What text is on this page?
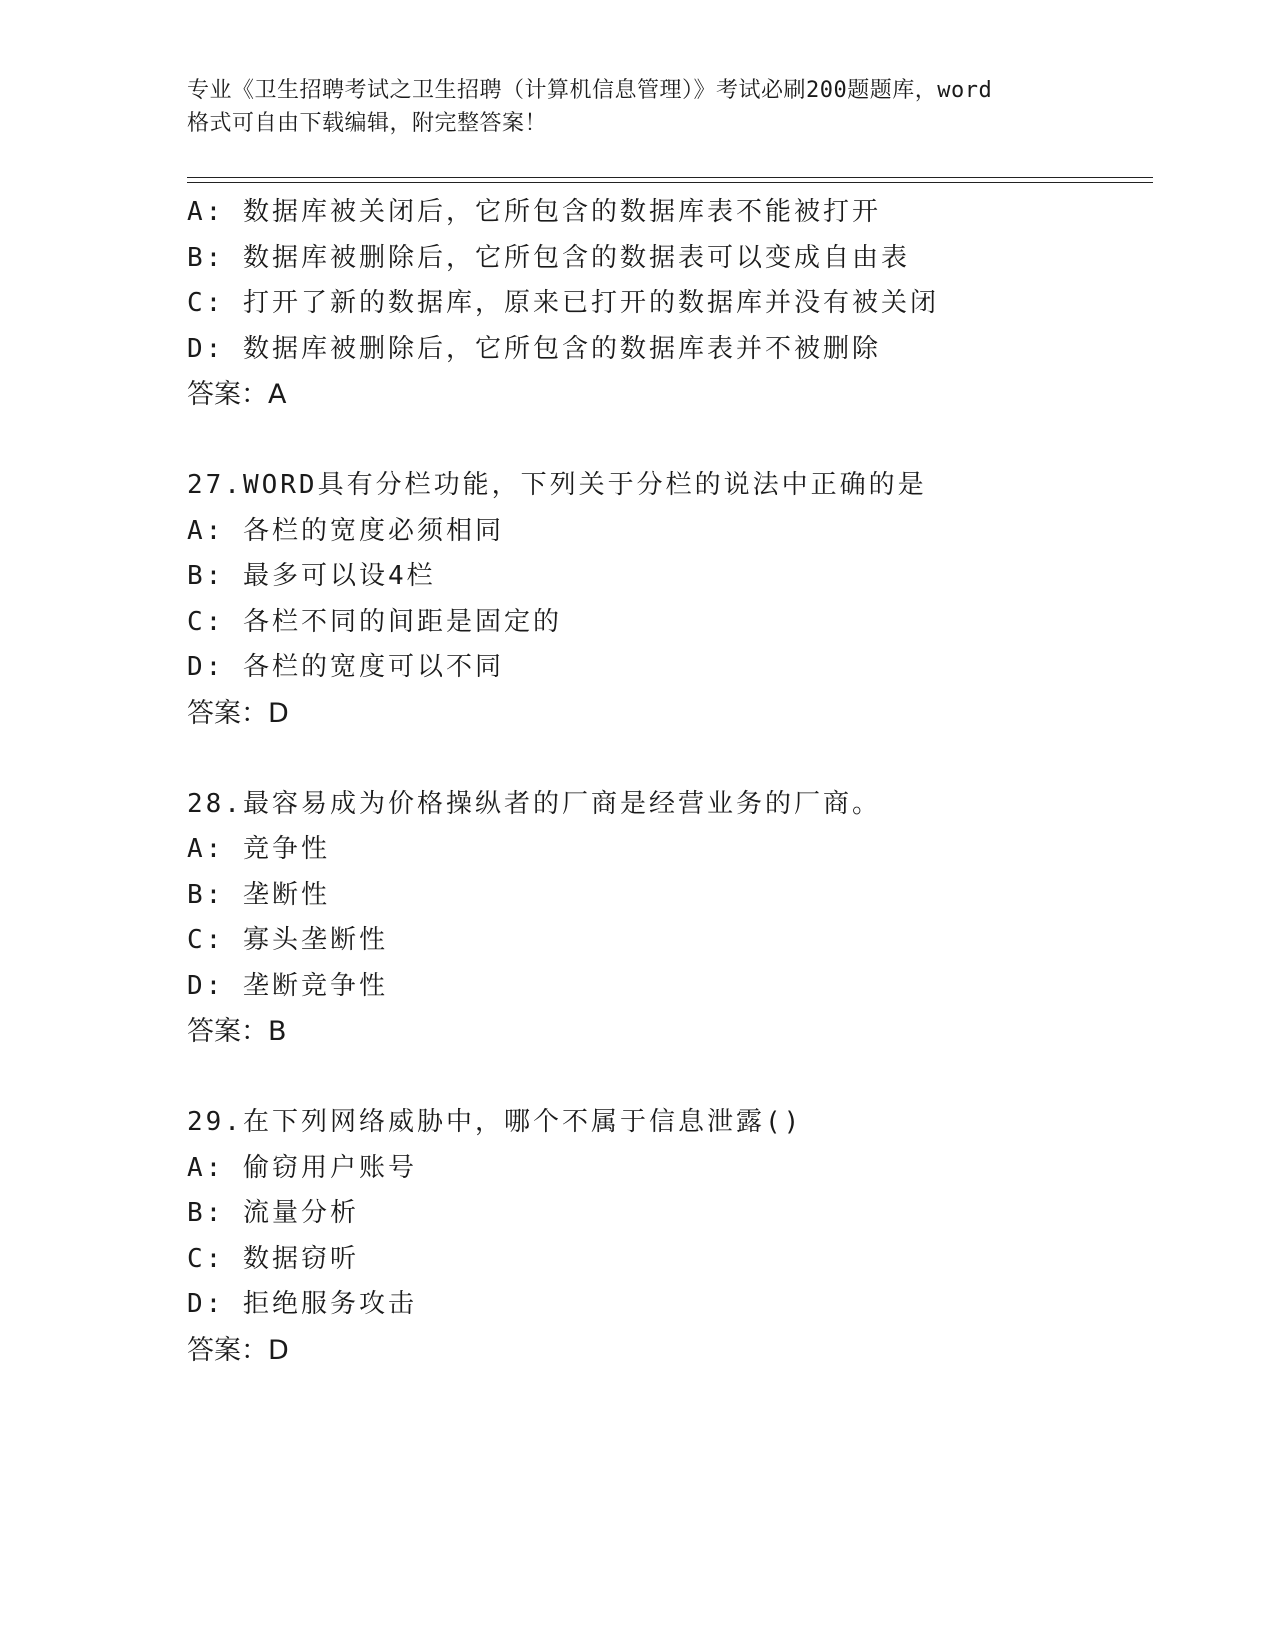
专业《卫生招聘考试之卫生招聘（计算机信息管理）》考试必刷200题题库，word
格式可自由下载编辑，附完整答案！
A: 数据库被关闭后，它所包含的数据库表不能被打开
B: 数据库被删除后，它所包含的数据表可以变成自由表
C: 打开了新的数据库，原来已打开的数据库并没有被关闭
D: 数据库被删除后，它所包含的数据库表并不被删除
答案：A
27.WORD具有分栏功能，下列关于分栏的说法中正确的是
A: 各栏的宽度必须相同
B: 最多可以设4栏
C: 各栏不同的间距是固定的
D: 各栏的宽度可以不同
答案：D
28.最容易成为价格操纵者的厂商是经营业务的厂商。
A: 竞争性
B: 垄断性
C: 寡头垄断性
D: 垄断竞争性
答案：B
29.在下列网络威胁中，哪个不属于信息泄露()
A: 偷窃用户账号
B: 流量分析
C: 数据窃听
D: 拒绝服务攻击
答案：D
